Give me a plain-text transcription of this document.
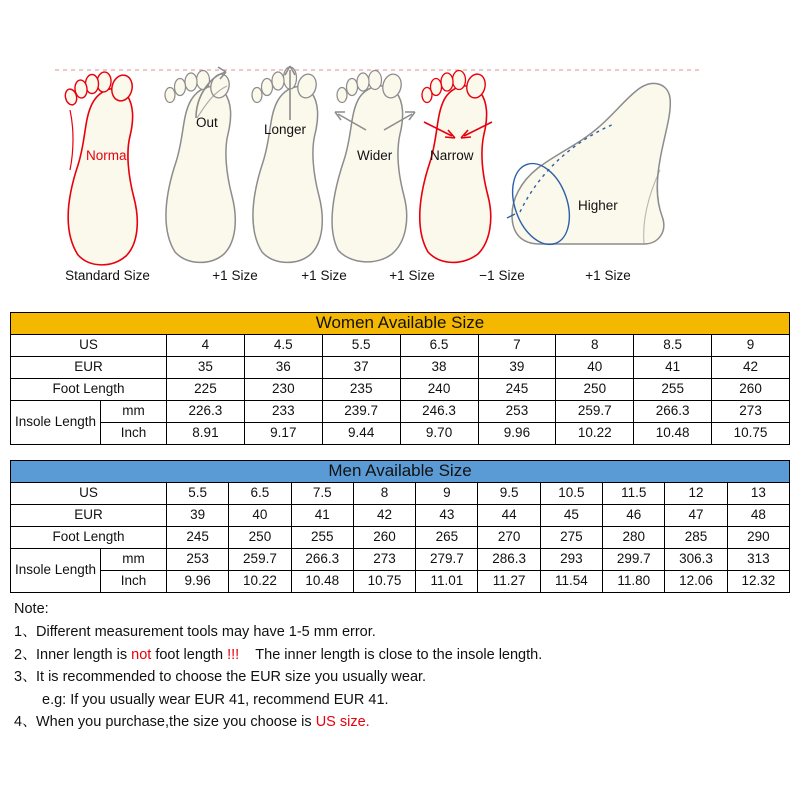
Normal
Out	Longer
Wider	Narrow
Higher
Standard Size	+1 Size	+1 Size	+1 Size	−1 Size	+1 Size
Women Available Size									
US		4	4.5	5.5	6.5	7	8	8.5	9
EUR		35	36	37	38	39	40	41	42
Foot Length		225	230	235	240	245	250	255	260
Insole Length	mm	226.3	233	239.7	246.3	253	259.7	266.3	273
	Inch	8.91	9.17	9.44	9.70	9.96	10.22	10.48	10.75
Men Available Size											
US		5.5	6.5	7.5	8	9	9.5	10.5	11.5	12	13
EUR		39	40	41	42	43	44	45	46	47	48
Foot Length		245	250	255	260	265	270	275	280	285	290
Insole Length	mm	253	259.7	266.3	273	279.7	286.3	293	299.7	306.3	313
	Inch	9.96	10.22	10.48	10.75	11.01	11.27	11.54	11.80	12.06	12.32
Note:
1、Different measurement tools may have 1-5 mm error.
2、Inner length is not foot length !!!    The inner length is close to the insole length.
3、It is recommended to choose the EUR size you usually wear.
e.g: If you usually wear EUR 41, recommend EUR 41.
4、When you purchase,the size you choose is US size.
